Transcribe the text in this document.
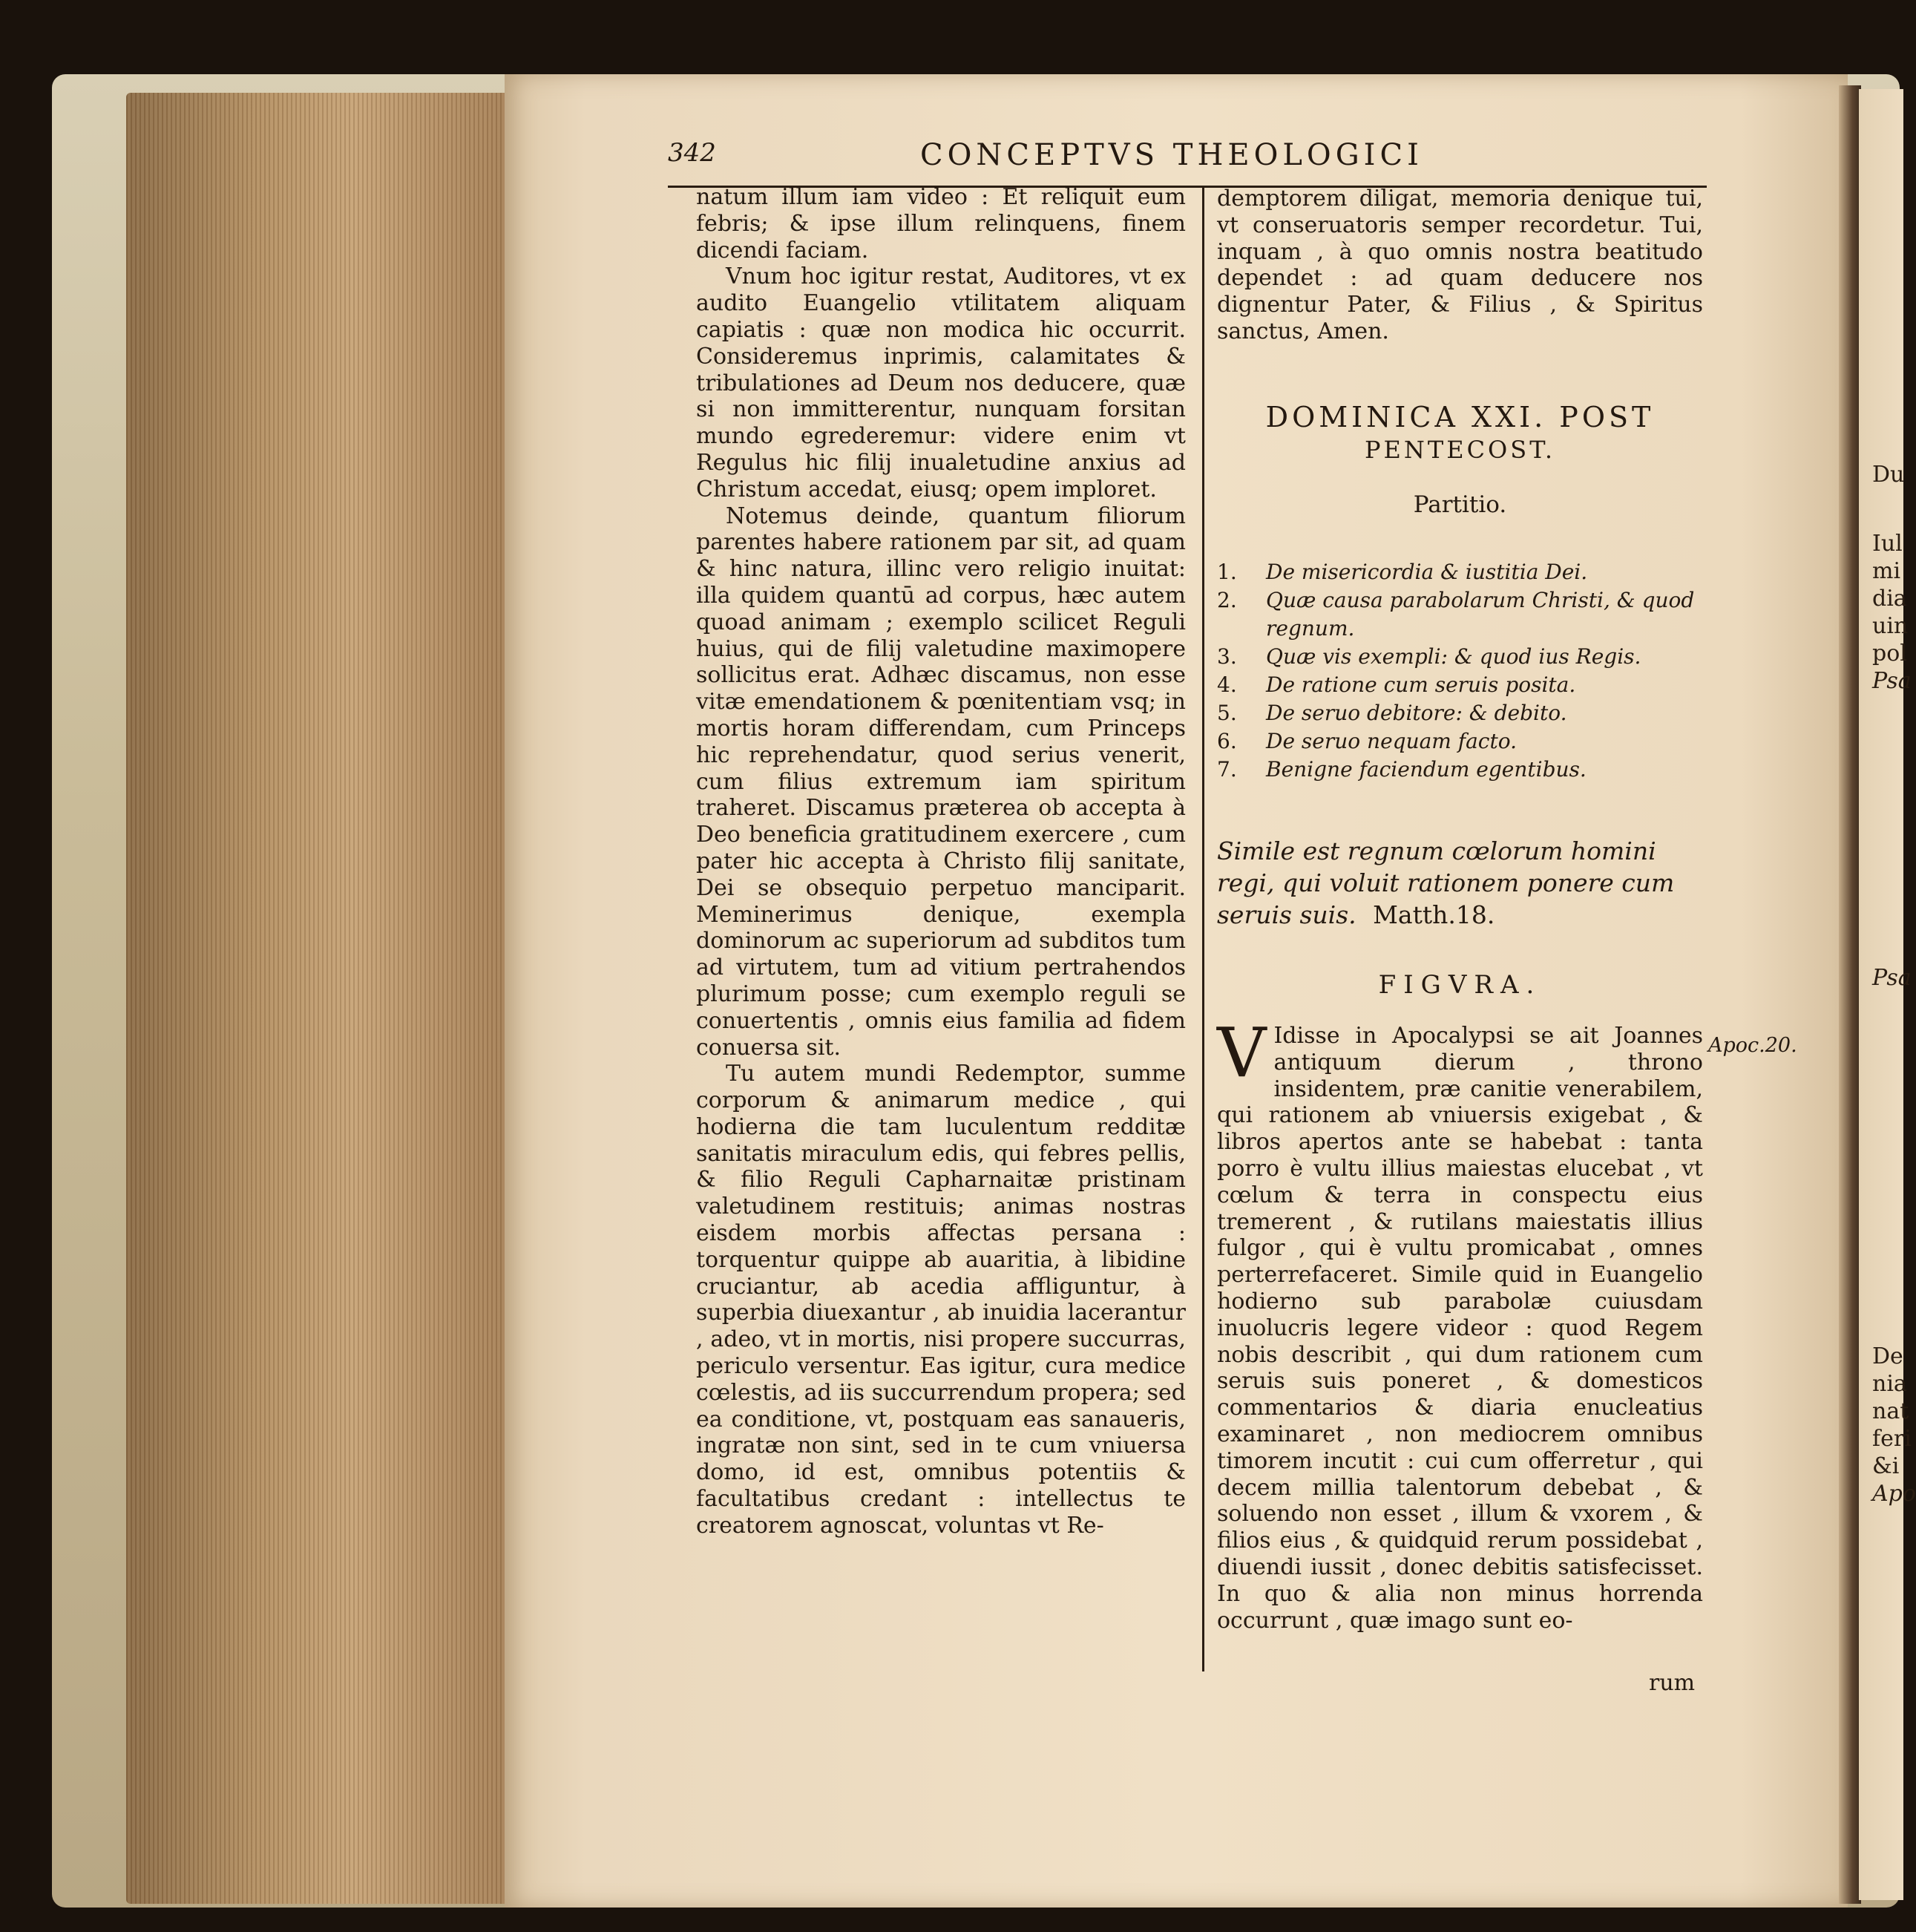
Du
Iul
mi
dia
uin
pol
Psa
Psa
De
nia
nat
feri
&i
Apo
342	CONCEPTVS THEOLOGICI

natum illum iam video : Et reliquit eum febris; & ipse illum relinquens, finem dicendi faciam.

Vnum hoc igitur restat, Auditores, vt ex audito Euangelio vtilitatem aliquam capiatis : quæ non modica hic occurrit. Consideremus inprimis, calamitates & tribulationes ad Deum nos deducere, quæ si non immitterentur, nunquam forsitan mundo egrederemur: videre enim vt Regulus hic filij inualetudine anxius ad Christum accedat, eiusq; opem imploret.

Notemus deinde, quantum filiorum parentes habere rationem par sit, ad quam & hinc natura, illinc vero religio inuitat: illa quidem quantū ad corpus, hæc autem quoad animam ; exemplo scilicet Reguli huius, qui de filij valetudine maximopere sollicitus erat. Adhæc discamus, non esse vitæ emendationem & pœnitentiam vsq; in mortis horam differendam, cum Princeps hic reprehendatur, quod serius venerit, cum filius extremum iam spiritum traheret. Discamus præterea ob accepta à Deo beneficia gratitudinem exercere , cum pater hic accepta à Christo filij sanitate, Dei se obsequio perpetuo manciparit. Meminerimus denique, exempla dominorum ac superiorum ad subditos tum ad virtutem, tum ad vitium pertrahendos plurimum posse; cum exemplo reguli se conuertentis , omnis eius familia ad fidem conuersa sit.

Tu autem mundi Redemptor, summe corporum & animarum medice , qui hodierna die tam luculentum redditæ sanitatis miraculum edis, qui febres pellis, & filio Reguli Capharnaitæ pristinam valetudinem restituis; animas nostras eisdem morbis affectas persana : torquentur quippe ab auaritia, à libidine cruciantur, ab acedia affliguntur, à superbia diuexantur , ab inuidia lacerantur , adeo, vt in mortis, nisi propere succurras, periculo versentur. Eas igitur, cura medice cœlestis, ad iis succurrendum propera; sed ea conditione, vt, postquam eas sanaueris, ingratæ non sint, sed in te cum vniuersa domo, id est, omnibus potentiis & facultatibus credant : intellectus te creatorem agnoscat, voluntas vt Re-

demptorem diligat, memoria denique tui, vt conseruatoris semper recordetur. Tui, inquam , à quo omnis nostra beatitudo dependet : ad quam deducere nos dignentur Pater, & Filius , & Spiritus sanctus, Amen.

DOMINICA XXI. POST
PENTECOST.
Partitio.
1. De misericordia & iustitia Dei.
2. Quæ causa parabolarum Christi, & quod regnum.
3. Quæ vis exempli: & quod ius Regis.
4. De ratione cum seruis posita.
5. De seruo debitore: & debito.
6. De seruo nequam facto.
7. Benigne faciendum egentibus.
Simile est regnum cœlorum homini regi, qui voluit rationem ponere cum seruis suis. Matth.18.
FIGVRA.
V Idisse in Apocalypsi se ait Joannes antiquum dierum , throno insidentem, præ canitie venerabilem, qui rationem ab vniuersis exigebat , & libros apertos ante se habebat : tanta porro è vultu illius maiestas elucebat , vt cœlum & terra in conspectu eius tremerent , & rutilans maiestatis illius fulgor , qui è vultu promicabat , omnes perterrefaceret. Simile quid in Euangelio hodierno sub parabolæ cuiusdam inuolucris legere videor : quod Regem nobis describit , qui dum rationem cum seruis suis poneret , & domesticos commentarios & diaria enucleatius examinaret , non mediocrem omnibus timorem incutit : cui cum offerretur , qui decem millia talentorum debebat , & soluendo non esset , illum & vxorem , & filios eius , & quidquid rerum possidebat , diuendi iussit , donec debitis satisfecisset. In quo & alia non minus horrenda occurrunt , quæ imago sunt eo-
Apoc.20.
rum
